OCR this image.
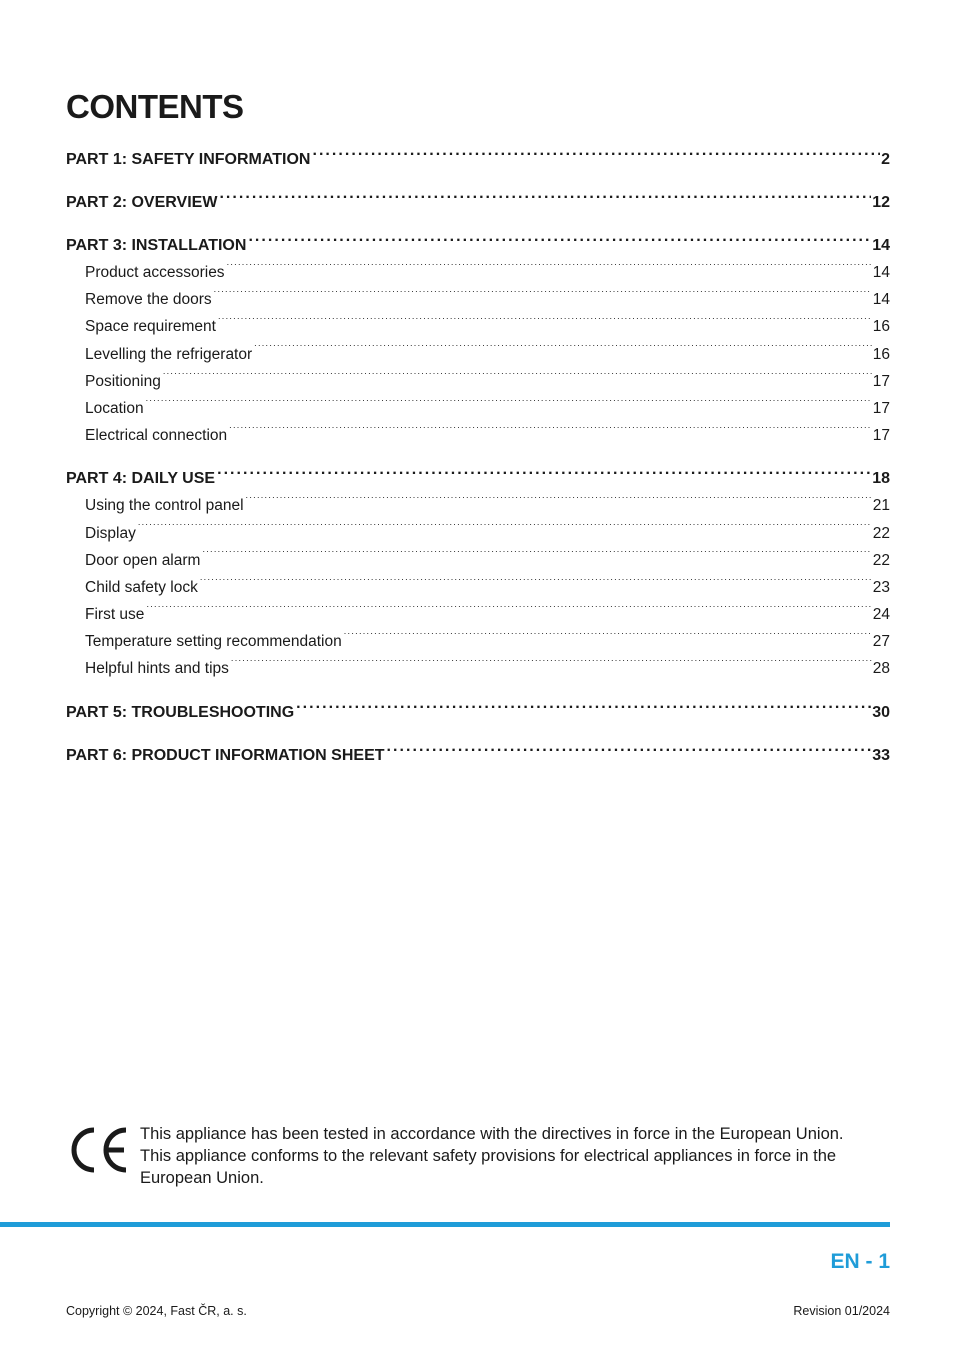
CONTENTS
PART 1: SAFETY INFORMATION . . .	2
PART 2: OVERVIEW . . .	12
PART 3: INSTALLATION . . .	14
Product accessories . . .	14
Remove the doors . . .	14
Space requirement . . .	16
Levelling the refrigerator . . .	16
Positioning . . .	17
Location . . .	17
Electrical connection . . .	17
PART 4: DAILY USE . . .	18
Using the control panel . . .	21
Display . . .	22
Door open alarm . . .	22
Child safety lock . . .	23
First use . . .	24
Temperature setting recommendation . . .	27
Helpful hints and tips . . .	28
PART 5: TROUBLESHOOTING . . .	30
PART 6: PRODUCT INFORMATION SHEET . . .	33
This appliance has been tested in accordance with the directives in force in the European Union.
This appliance conforms to the relevant safety provisions for electrical appliances in force in the European Union.
EN - 1
Copyright © 2024, Fast ČR, a. s.	Revision 01/2024
